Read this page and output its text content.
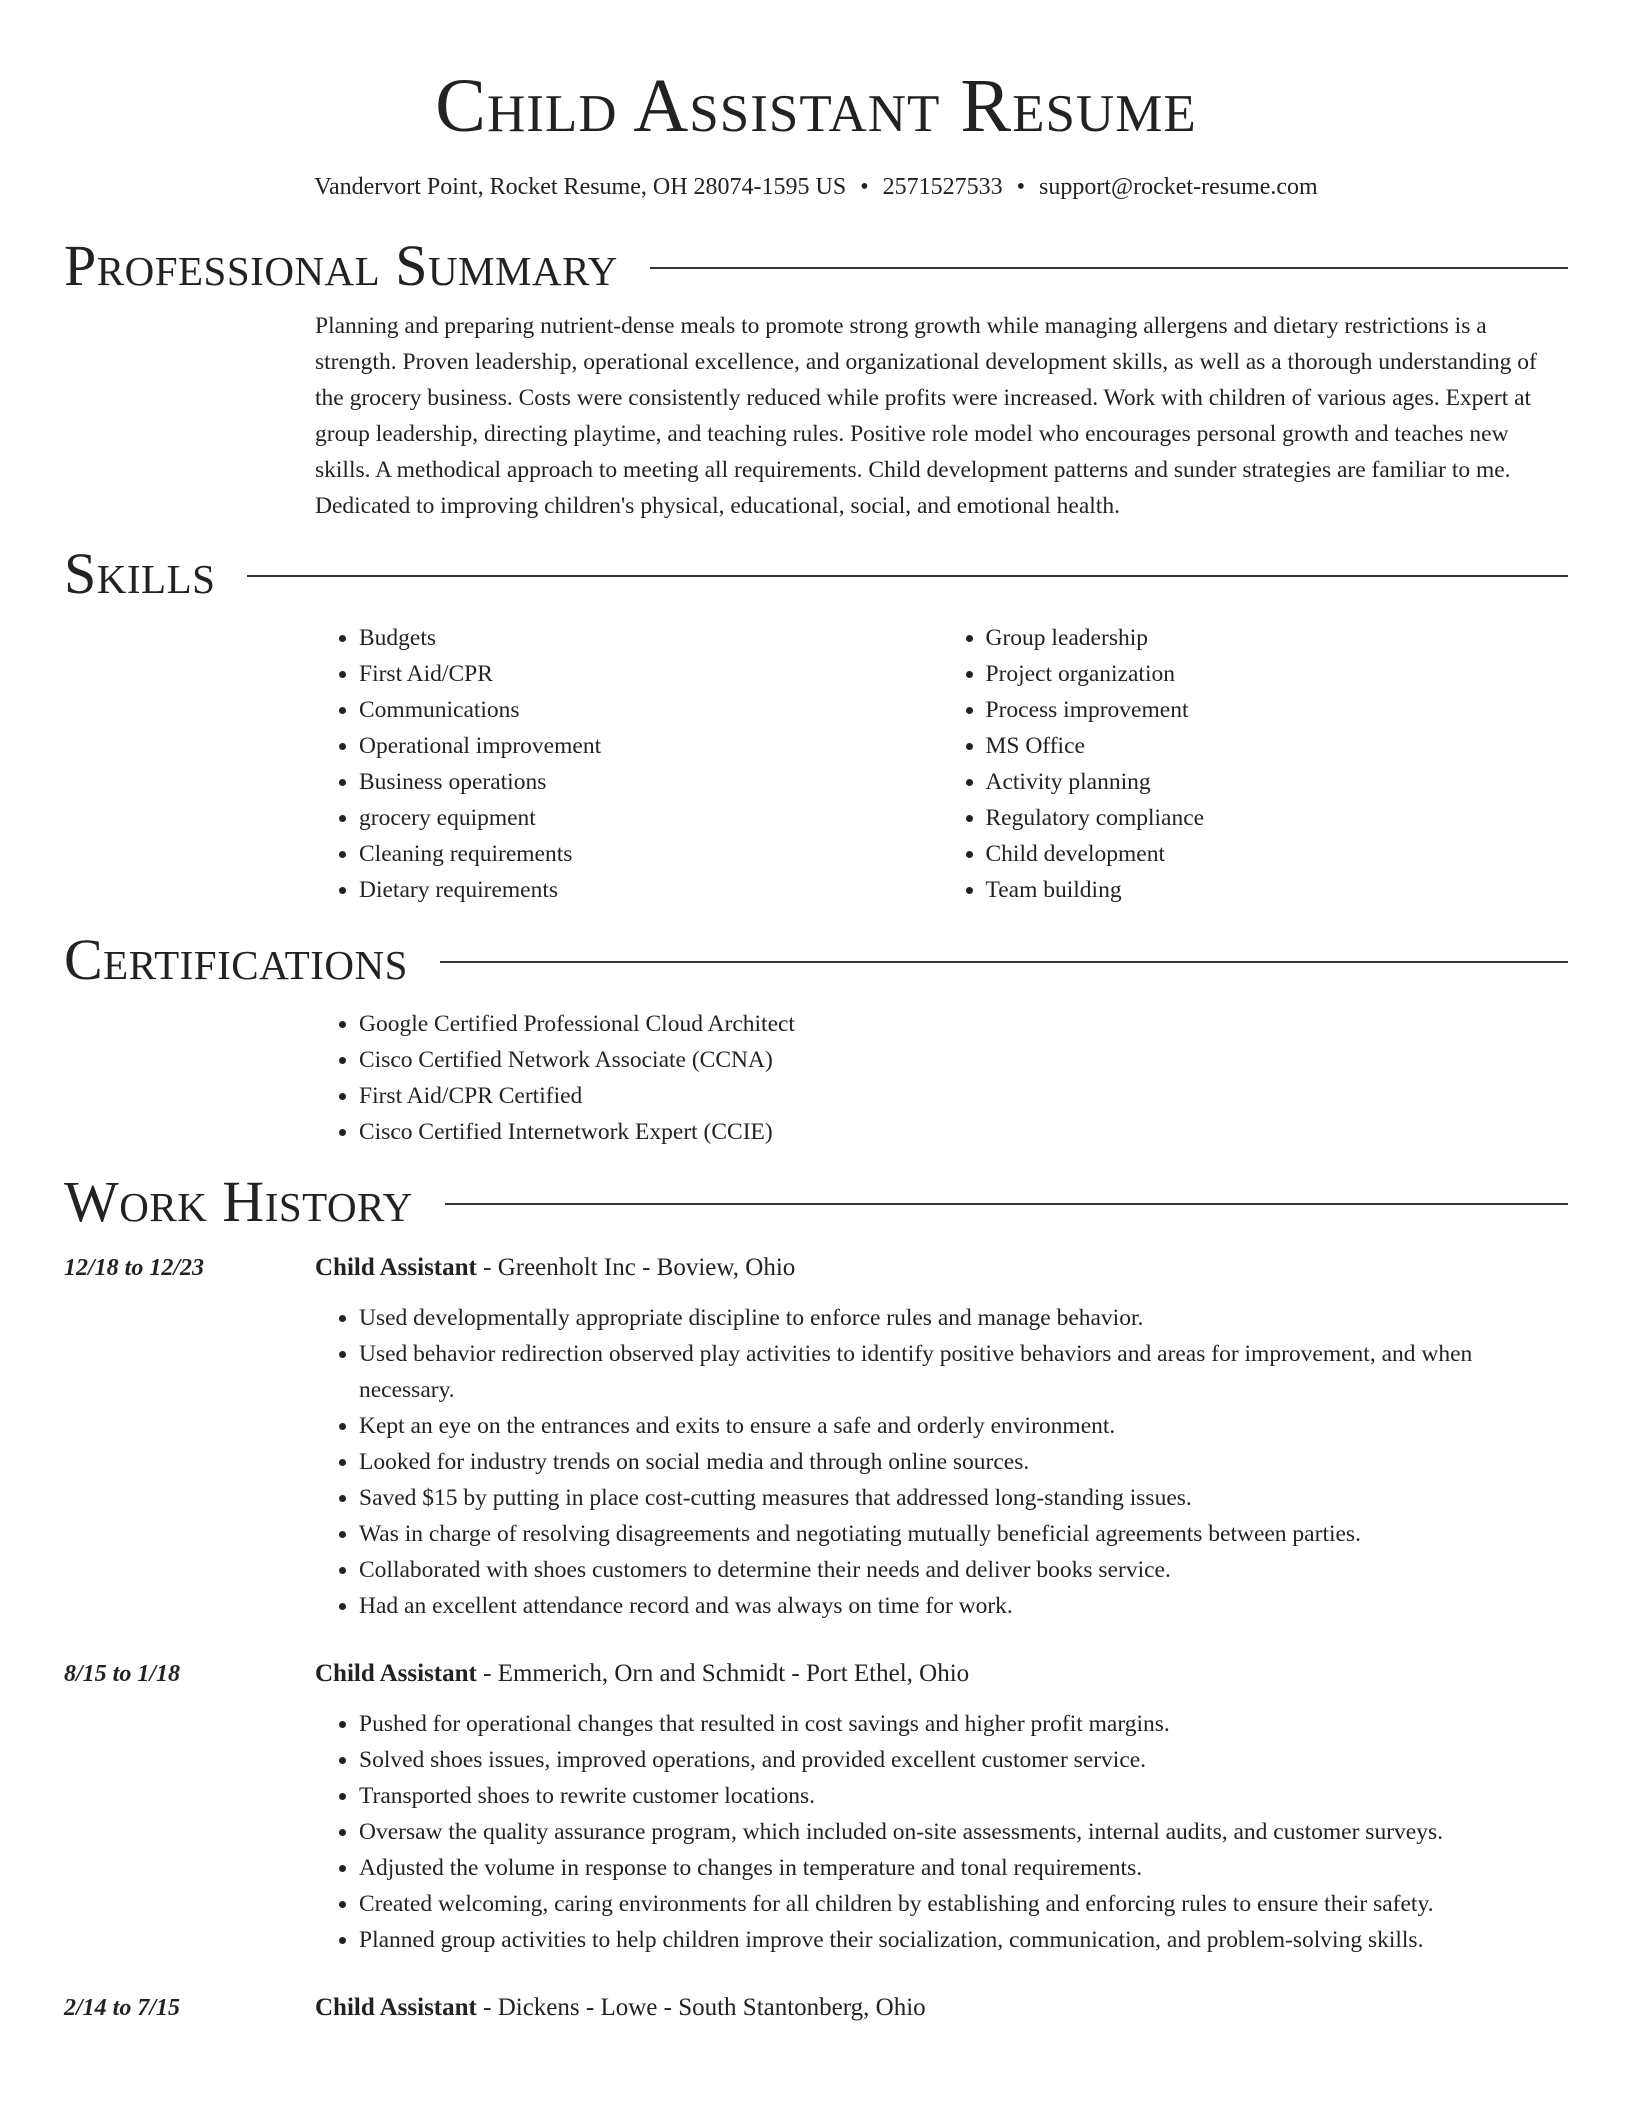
Child Assistant Resume
Vandervort Point, Rocket Resume, OH 28074-1595 US • 2571527533 • support@rocket-resume.com
Professional Summary

Planning and preparing nutrient-dense meals to promote strong growth while managing allergens and dietary restrictions is a strength. Proven leadership, operational excellence, and organizational development skills, as well as a thorough understanding of the grocery business. Costs were consistently reduced while profits were increased. Work with children of various ages. Expert at group leadership, directing playtime, and teaching rules. Positive role model who encourages personal growth and teaches new skills. A methodical approach to meeting all requirements. Child development patterns and sunder strategies are familiar to me. Dedicated to improving children's physical, educational, social, and emotional health.

Skills
• Budgets
• First Aid/CPR
• Communications
• Operational improvement
• Business operations
• grocery equipment
• Cleaning requirements
• Dietary requirements
• Group leadership
• Project organization
• Process improvement
• MS Office
• Activity planning
• Regulatory compliance
• Child development
• Team building
Certifications
• Google Certified Professional Cloud Architect
• Cisco Certified Network Associate (CCNA)
• First Aid/CPR Certified
• Cisco Certified Internetwork Expert (CCIE)
Work History
12/18 to 12/23	Child Assistant - Greenholt Inc - Boview, Ohio
• Used developmentally appropriate discipline to enforce rules and manage behavior.
• Used behavior redirection observed play activities to identify positive behaviors and areas for improvement, and when necessary.
• Kept an eye on the entrances and exits to ensure a safe and orderly environment.
• Looked for industry trends on social media and through online sources.
• Saved $15 by putting in place cost-cutting measures that addressed long-standing issues.
• Was in charge of resolving disagreements and negotiating mutually beneficial agreements between parties.
• Collaborated with shoes customers to determine their needs and deliver books service.
• Had an excellent attendance record and was always on time for work.
8/15 to 1/18	Child Assistant - Emmerich, Orn and Schmidt - Port Ethel, Ohio
• Pushed for operational changes that resulted in cost savings and higher profit margins.
• Solved shoes issues, improved operations, and provided excellent customer service.
• Transported shoes to rewrite customer locations.
• Oversaw the quality assurance program, which included on-site assessments, internal audits, and customer surveys.
• Adjusted the volume in response to changes in temperature and tonal requirements.
• Created welcoming, caring environments for all children by establishing and enforcing rules to ensure their safety.
• Planned group activities to help children improve their socialization, communication, and problem-solving skills.
2/14 to 7/15	Child Assistant - Dickens - Lowe - South Stantonberg, Ohio
